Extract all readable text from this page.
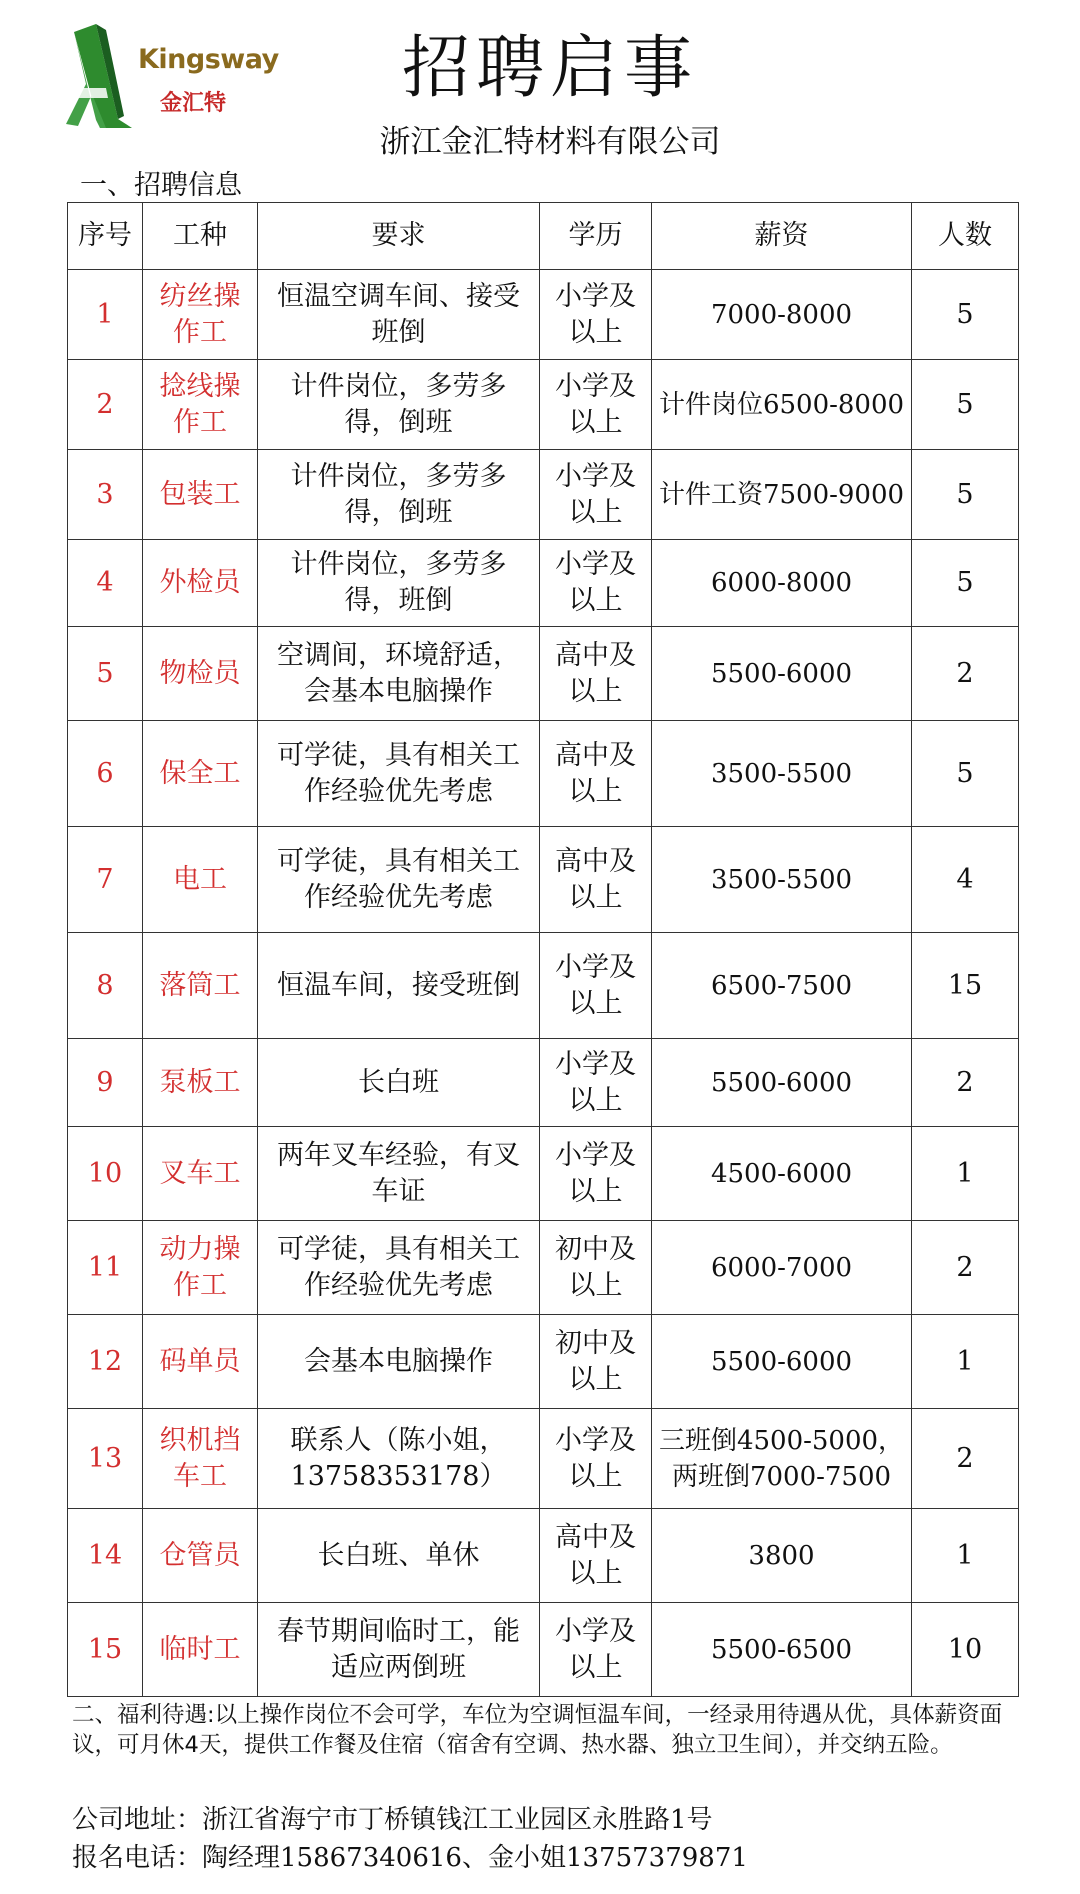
Kingsway
金汇特	招聘启事
浙江金汇特材料有限公司
一、招聘信息
序号	工种	要求	学历	薪资	人数
1	纺丝操作工	恒温空调车间、接受班倒	小学及以上	7000-8000	5
2	捻线操作工	计件岗位，多劳多得，倒班	小学及以上	计件岗位6500-8000	5
3	包装工	计件岗位，多劳多得，倒班	小学及以上	计件工资7500-9000	5
4	外检员	计件岗位，多劳多得，班倒	小学及以上	6000-8000	5
5	物检员	空调间，环境舒适，会基本电脑操作	高中及以上	5500-6000	2
6	保全工	可学徒，具有相关工作经验优先考虑	高中及以上	3500-5500	5
7	电工	可学徒，具有相关工作经验优先考虑	高中及以上	3500-5500	4
8	落筒工	恒温车间，接受班倒	小学及以上	6500-7500	15
9	泵板工	长白班	小学及以上	5500-6000	2
10	叉车工	两年叉车经验，有叉车证	小学及以上	4500-6000	1
11	动力操作工	可学徒，具有相关工作经验优先考虑	初中及以上	6000-7000	2
12	码单员	会基本电脑操作	初中及以上	5500-6000	1
13	织机挡车工	联系人（陈小姐，13758353178）	小学及以上	三班倒4500-5000，两班倒7000-7500	2
14	仓管员	长白班、单休	高中及以上	3800	1
15	临时工	春节期间临时工，能适应两倒班	小学及以上	5500-6500	10
二、福利待遇:以上操作岗位不会可学，车位为空调恒温车间，一经录用待遇从优，具体薪资面议，可月休4天，提供工作餐及住宿（宿舍有空调、热水器、独立卫生间），并交纳五险。
公司地址：浙江省海宁市丁桥镇钱江工业园区永胜路1号
报名电话：陶经理15867340616、金小姐13757379871
